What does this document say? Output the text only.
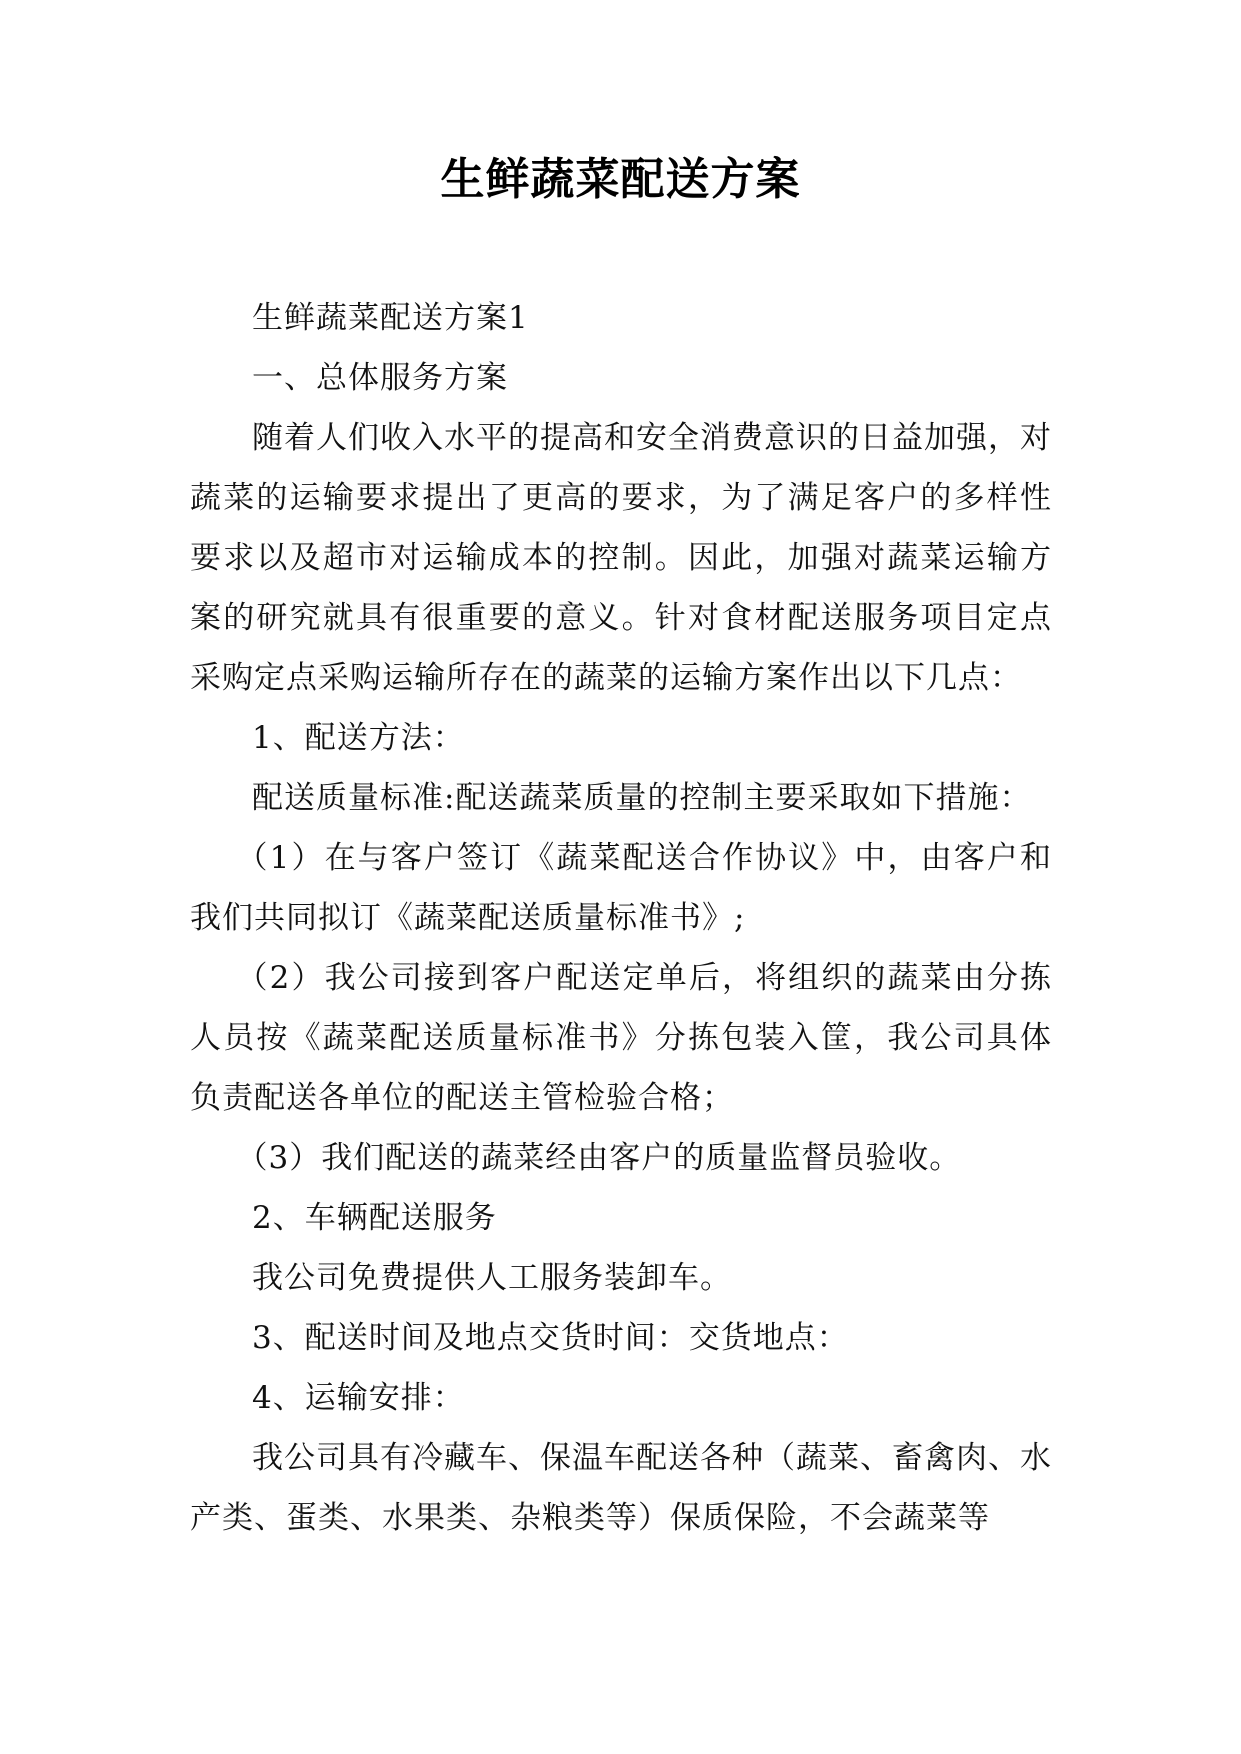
生鲜蔬菜配送方案

生鲜蔬菜配送方案1

一、总体服务方案

随着人们收入水平的提高和安全消费意识的日益加强，对蔬菜的运输要求提出了更高的要求，为了满足客户的多样性要求以及超市对运输成本的控制。因此，加强对蔬菜运输方案的研究就具有很重要的意义。针对食材配送服务项目定点采购定点采购运输所存在的蔬菜的运输方案作出以下几点：

1、配送方法：

配送质量标准:配送蔬菜质量的控制主要采取如下措施：

（1）在与客户签订《蔬菜配送合作协议》中，由客户和我们共同拟订《蔬菜配送质量标准书》;

（2）我公司接到客户配送定单后，将组织的蔬菜由分拣人员按《蔬菜配送质量标准书》分拣包装入筐，我公司具体负责配送各单位的配送主管检验合格；

（3）我们配送的蔬菜经由客户的质量监督员验收。

2、车辆配送服务

我公司免费提供人工服务装卸车。

3、配送时间及地点交货时间：交货地点：

4、运输安排：

我公司具有冷藏车、保温车配送各种（蔬菜、畜禽肉、水产类、蛋类、水果类、杂粮类等）保质保险，不会蔬菜等
